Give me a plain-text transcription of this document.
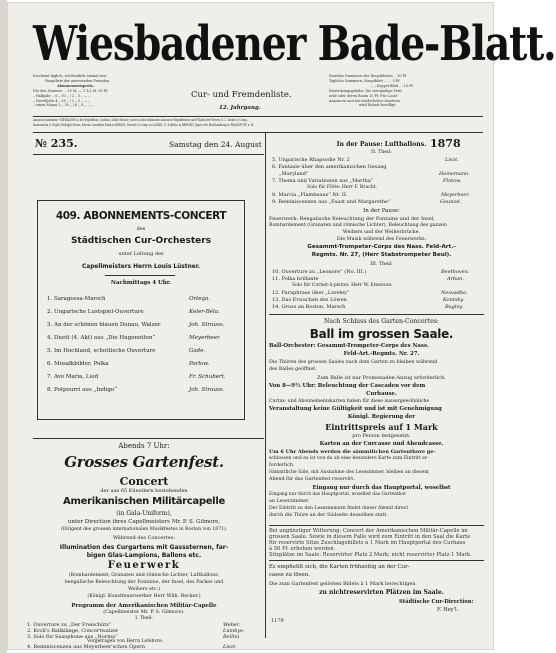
Wiesbadener Bade-Blatt.
Erscheint täglich; wöchentlich einmal eine
Hauptliste der anwesenden Fremden.
Abonnementspreis:
Für den Sommer ... 10 M. — 1 1/2 M. 50 Pf.
„ Halbjahr .. 6 „ 50 „ | 2 „ 3 „ — „
„ Vierteljahr 4 „ 50 „ | 3 „ 5 „ — „
„ einen Monat 2 „ 50 „ | 6 „ 8 „ — „
Cur- und Fremdenliste.
12. Jahrgang.
Einzelne Nummern des Hauptblattes .. 10 Pf.
Tägliche Nummern, Hauptblatt ....... 5 Pf.
„ „ Doppel-Blatt ... 10 Pf.
Einrückungsgebühr: Die vierspaltige Petit-
zeile oder deren Raum 15 Pf. Für Local-
Annoncen und bei wiederholter Insertion
wird Rabatt bewilligt.
Annoncen-Annahme: WIESBADEN in der Expedition, Curhaus, Dalbo-Strasse; sowie in den bekannten Annoncen-Expeditionen und Filialen der Herren G. L. Daube & Comp.,
Haasenstein & Vogler, Rudolph Mosse, Bureau: Invaliden-Dank in BERLIN, Dietrich & Comp. in CASSEL, E. Schlotte in BREMEN, Jäger'sche Buchhandlung in FRANKFURT a. M.
№ 235.	Samstag den 24. August	1878
409. ABONNEMENTS-CONCERT
des
Städtischen Cur-Orchesters
unter Leitung des
Capellmeisters Herrn Louis Lüstner.
Nachmittags 4 Uhr.
1. Saragossa-Marsch	Ortega.
2. Ungarische Lustspiel-Ouverture	Keler-Béla.
3. An der schönen blauen Donau, Walzer	Joh. Strauss.
4. Duett (4. Akt) aus „Die Hugenotten“	Meyerbeer.
5. Im Hochland, schottische Ouverture	Gade.
6. Mosaïkbilder, Polka	Parlow.
7. Ave Maria, Lied	Fr. Schubert.
8. Potpourri aus „Indigo“	Joh. Strauss.
Abends 7 Uhr:
Grosses Gartenfest.
Concert
der aus 65 Künstlern bestehenden
Amerikanischen Militärcapelle
(in Gala-Uniform),
unter Direction ihres Capellmeisters Mr. P. S. Gilmore,
(Dirigent des grossen internationalen Musikfestes in Boston von 1871).
Während des Concertes:
Illumination des Curgartens mit Gasssternen, far-
bigen Glas-Lampions, Ballons etc.
Feuerwerk
(Bombardement; Granaten und römische Lichter, Luftballons,
bengalische Beleuchtung der Fontaine, der Insel, des Parkes und
Weihers etc.)
(Königl. Kunstfeuerwerker Herr Wilh. Becker.)
Programm der Amerikanischen Militär-Capelle
(Capellmeister Mr. P. S. Gilmore).
I. Theil:
1. Ouverture zu „Der Freischütz“	Weber.
2. Kroll's Ballklänge, Concertwalzer	Lumbye.
3. Solo für Saxophone aus „Norma“	Bellini.
Vorgetragen von Herrn Lefebvre.
4. Reminiscenzen aus Meyerbeer'schen Opern	Liszt.
In der Pause: Luftballons.
II. Theil:
5. Ungarische Rhapsodie Nr. 2	Liszt.
6. Fantasie über den amerikanischen Gesang
„Maryland“	Heinemann.
7. Thema und Variationen aus „Martha“	Flotow.
Solo für Flöte: Herr F. Bracht.
8. Marcia „Flambeaux“ Nr. II.	Meyerbeer.
9. Reminiscenzen aus „Faust und Margarethe“	Gounod.
In der Pause:
Feuerwerk: Bengalische Beleuchtung der Fontaine und der Insel,
Bombardement (Granaten und römische Lichter), Beleuchtung des ganzen
Weihers und der Weiherbrücke.
Die Musik während des Feuerwerks:
Gesammt-Trompeter-Corps des Nass. Feld-Art.-
Regmts. Nr. 27, (Herr Stabstrompeter Beul).
III. Theil:
10. Ouverture zu „Leonore“ (No. III.)	Beethoven.
11. Polka brillante	Arban.
Solo für Cornet-à-piston: Herr W. Emerson.
12. Paraphrase über „Loreley“	Nesvadba.
13. Das Erwachen des Löwen	Kontsky.
14. Gruss an Boston, Marsch	Bagley.
Nach Schluss des Garten-Concertes:
Ball im grossen Saale.
Ball-Orchester: Gesammt-Trompeter-Corps des Nass.
Feld-Art.-Regmts. Nr. 27.
Die Thüren des grossen Saales nach dem Garten zu bleiben während
des Balles geöffnet.
Zum Balle ist nur Promenaden-Anzug erforderlich.
Von 8—9½ Uhr: Beleuchtung der Cascaden vor dem
Curhause.
Curtax- und Abonnementskarten haben für diese aussergewöhnliche
Veranstaltung keine Gültigkeit und ist mit Genehmigung
Königl. Regierung der
Eintrittspreis auf 1 Mark
pro Person festgesetzt.
Karten an der Curcasse und Abendcasse.
Um 6 Uhr Abends werden die sämmtlichen Gartenthore ge-
schlossen und es ist von da ab eine besondere Karte zum Eintritt er-
forderlich.
Sämmtliche Säle, mit Ausnahme des Lesezimmer, bleiben an diesem
Abend für das Gartenfest reservirt.
Eingang nur durch das Hauptportal, woselbst
Eingang nur durch das Hauptportal, woselbst das Gartenthor
an Leserzimmer.
Der Eintritt zu den Lesezimmern findet dieser Abend direct
durch die Thüre an der Südseite desselben statt.
Bei ungünstiger Witterung: Concert der Amerikanischen Militär-Capelle im
grossen Saale. Sowie in diesem Falle wird zum Eintritt in den Saal die Karte
für reservirte Sitze Zuschlagsbillets à 1 Mark im Hauptportal des Curhaus
à 50 Pf. erhoben werden.
Sitzplätze im Saale: Reservirter Platz 2 Mark; nicht reservirter Platz 1 Mark.
Es empfiehlt sich, die Karten frühzeitig an der Cur-
casse zu lösen.
Die zum Gartenfest gelösten Billets à 1 Mark berechtigen
zu nichtreservirten Plätzen im Saale.
Städtische Cur-Direction:
F. Hey'l.
1179
